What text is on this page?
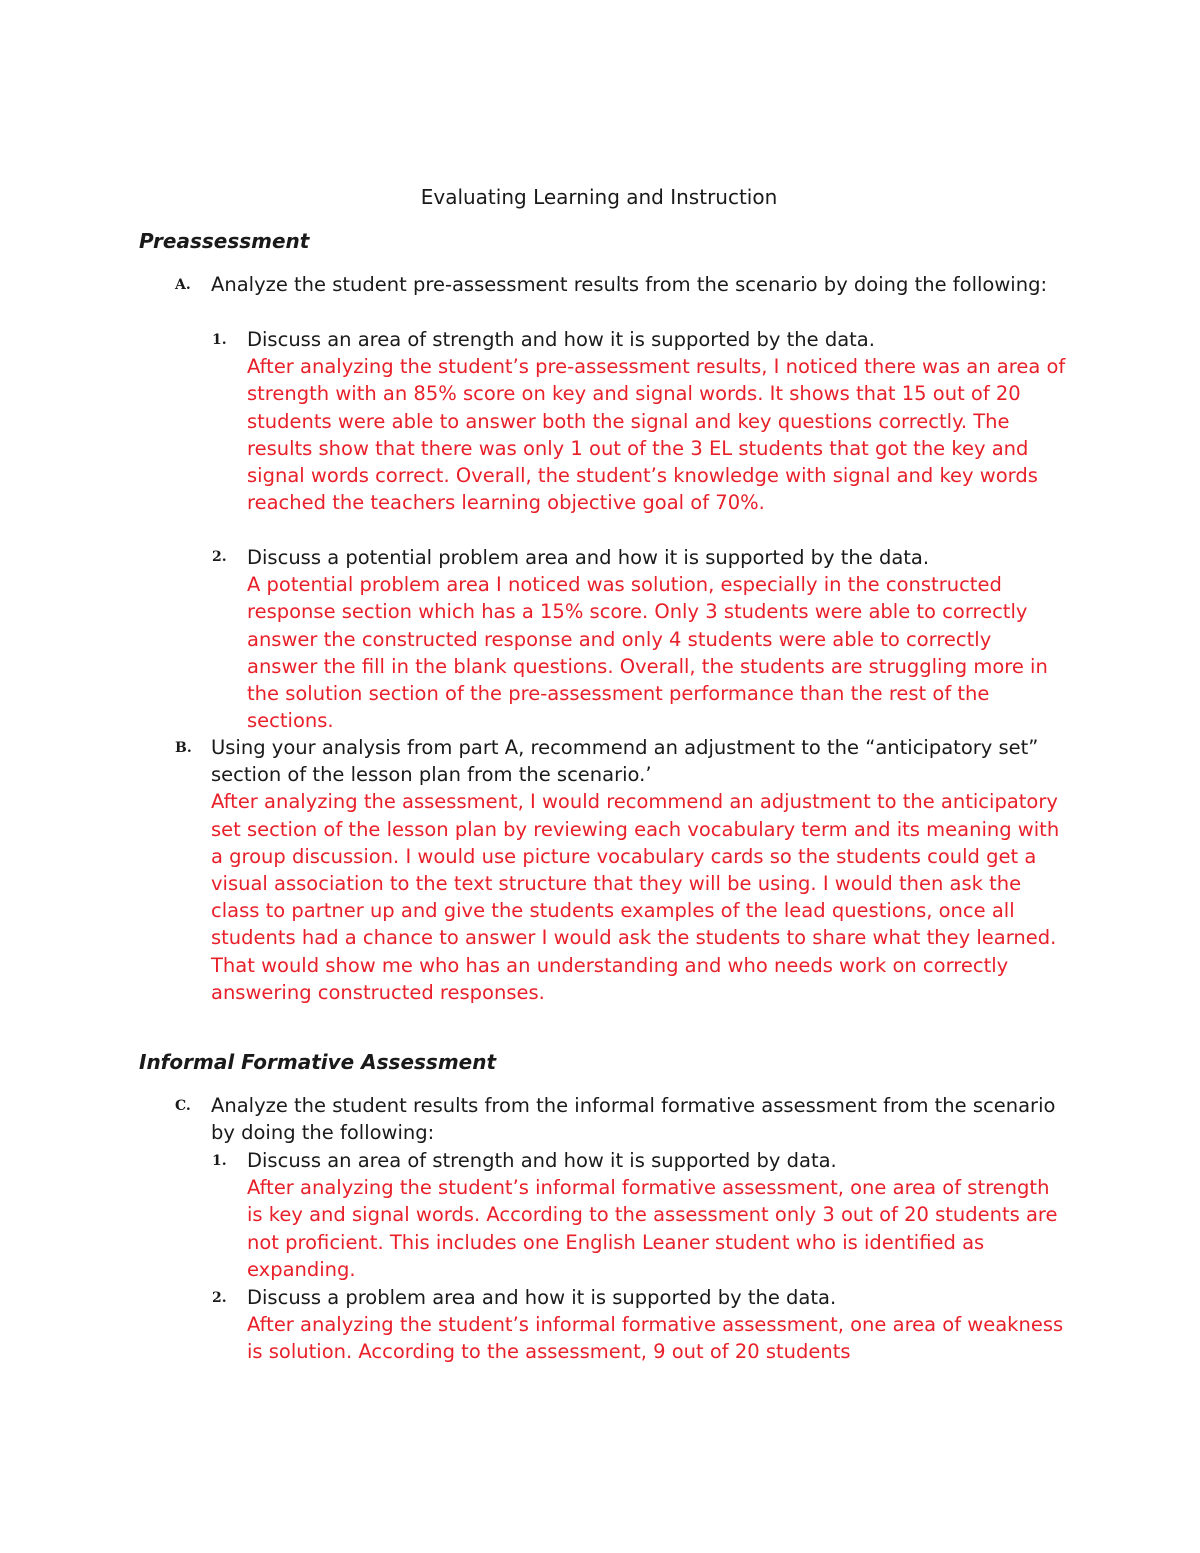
Evaluating Learning and Instruction
Preassessment
A. Analyze the student pre-assessment results from the scenario by doing the following:
1. Discuss an area of strength and how it is supported by the data.

After analyzing the student’s pre-assessment results, I noticed there was an area of strength with an 85% score on key and signal words. It shows that 15 out of 20 students were able to answer both the signal and key questions correctly. The results show that there was only 1 out of the 3 EL students that got the key and signal words correct. Overall, the student’s knowledge with signal and key words reached the teachers learning objective goal of 70%.

2. Discuss a potential problem area and how it is supported by the data.

A potential problem area I noticed was solution, especially in the constructed response section which has a 15% score. Only 3 students were able to correctly answer the constructed response and only 4 students were able to correctly answer the fill in the blank questions. Overall, the students are struggling more in the solution section of the pre-assessment performance than the rest of the sections.

B. Using your analysis from part A, recommend an adjustment to the “anticipatory set” section of the lesson plan from the scenario.’

After analyzing the assessment, I would recommend an adjustment to the anticipatory set section of the lesson plan by reviewing each vocabulary term and its meaning with a group discussion. I would use picture vocabulary cards so the students could get a visual association to the text structure that they will be using. I would then ask the class to partner up and give the students examples of the lead questions, once all students had a chance to answer I would ask the students to share what they learned. That would show me who has an understanding and who needs work on correctly answering constructed responses.

Informal Formative Assessment
C. Analyze the student results from the informal formative assessment from the scenario by doing the following:
1. Discuss an area of strength and how it is supported by data.

After analyzing the student’s informal formative assessment, one area of strength is key and signal words. According to the assessment only 3 out of 20 students are not proficient. This includes one English Leaner student who is identified as expanding.

2. Discuss a problem area and how it is supported by the data.

After analyzing the student’s informal formative assessment, one area of weakness is solution. According to the assessment, 9 out of 20 students
